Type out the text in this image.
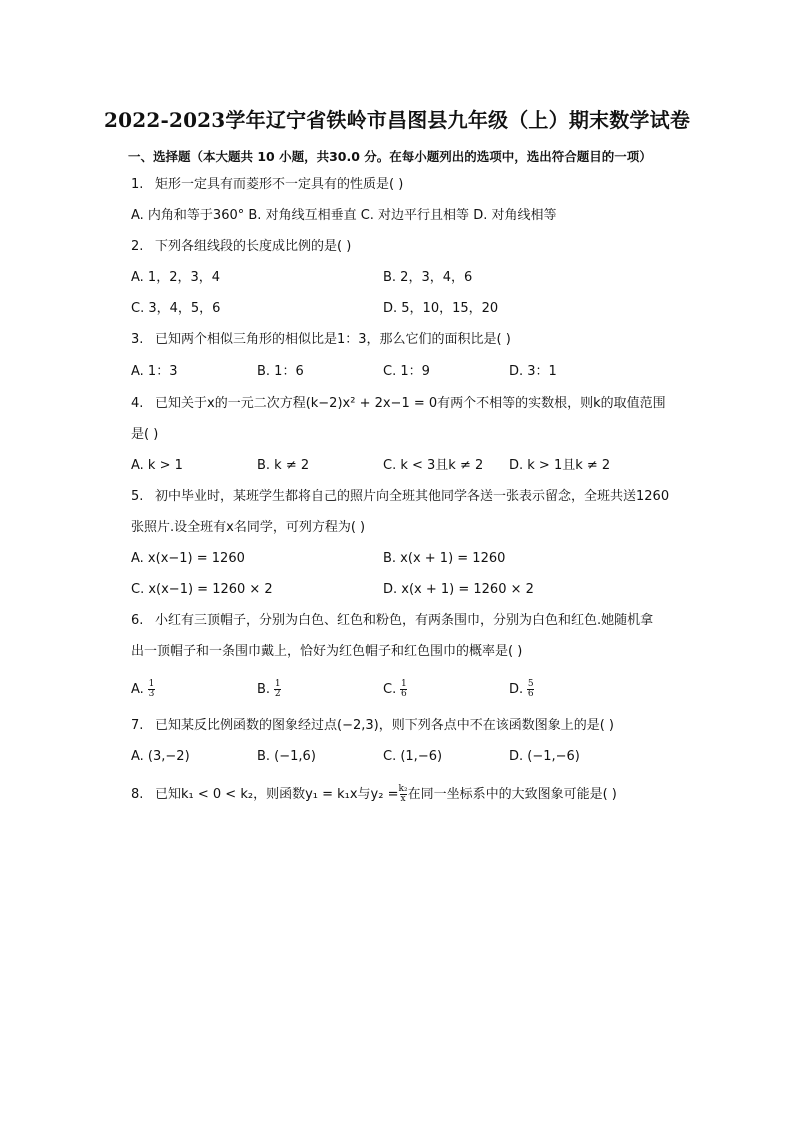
2022-2023学年辽宁省铁岭市昌图县九年级（上）期末数学试卷
一、选择题（本大题共 10 小题，共30.0 分。在每小题列出的选项中，选出符合题目的一项）
1. 矩形一定具有而菱形不一定具有的性质是( )
A. 内角和等于360° B. 对角线互相垂直 C. 对边平行且相等 D. 对角线相等
2. 下列各组线段的长度成比例的是( )
A. 1，2，3，4	B. 2，3，4，6
C. 3，4，5，6	D. 5，10，15，20
3. 已知两个相似三角形的相似比是1：3，那么它们的面积比是( )
A. 1：3	B. 1：6	C. 1：9	D. 3：1
4. 已知关于x的一元二次方程(k−2)x² + 2x−1 = 0有两个不相等的实数根，则k的取值范围
是( )
A. k > 1	B. k ≠ 2	C. k < 3且k ≠ 2 D. k > 1且k ≠ 2
5. 初中毕业时，某班学生都将自己的照片向全班其他同学各送一张表示留念，全班共送1260
张照片.设全班有x名同学，可列方程为( )
A. x(x−1) = 1260	B. x(x + 1) = 1260
C. x(x−1) = 1260 × 2	D. x(x + 1) = 1260 × 2
6. 小红有三顶帽子，分别为白色、红色和粉色，有两条围巾，分别为白色和红色.她随机拿
出一顶帽子和一条围巾戴上，恰好为红色帽子和红色围巾的概率是( )
A. $\frac{1}{3}$	B. $\frac{1}{2}$	C. $\frac{1}{6}$	D. $\frac{5}{6}$
7. 已知某反比例函数的图象经过点(−2,3)，则下列各点中不在该函数图象上的是( )
A. (3,−2)	B. (−1,6)	C. (1,−6)	D. (−1,−6)
8. 已知k₁ < 0 < k₂，则函数y₁ = k₁x与$y_2 = \frac{\text{k₂}}{x}$ 在同一坐标系中的大致图象可能是( )
